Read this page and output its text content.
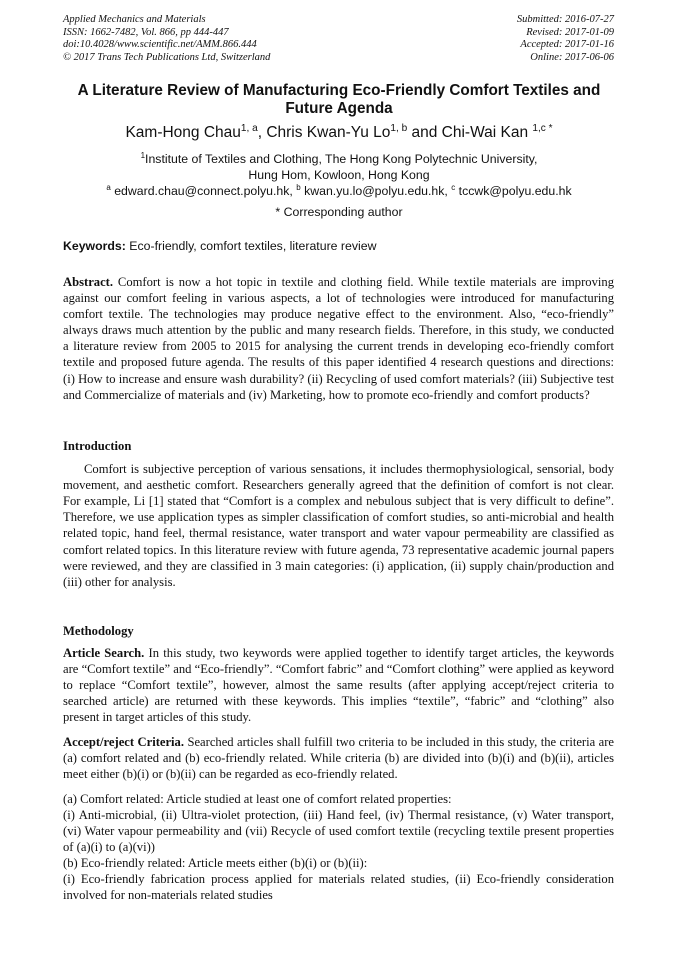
Applied Mechanics and Materials
ISSN: 1662-7482, Vol. 866, pp 444-447
doi:10.4028/www.scientific.net/AMM.866.444
© 2017 Trans Tech Publications Ltd, Switzerland
Submitted: 2016-07-27
Revised: 2017-01-09
Accepted: 2017-01-16
Online: 2017-06-06
A Literature Review of Manufacturing Eco-Friendly Comfort Textiles and Future Agenda
Kam-Hong Chau$^{1, a}$, Chris Kwan-Yu Lo$^{1, b}$ and Chi-Wai Kan $^{1,c *}$
$^1$Institute of Textiles and Clothing, The Hong Kong Polytechnic University,
Hung Hom, Kowloon, Hong Kong
$^a$ edward.chau@connect.polyu.hk, $^b$ kwan.yu.lo@polyu.edu.hk, $^c$ tccwk@polyu.edu.hk
* Corresponding author
Keywords: Eco-friendly, comfort textiles, literature review

Abstract. Comfort is now a hot topic in textile and clothing field. While textile materials are improving against our comfort feeling in various aspects, a lot of technologies were introduced for manufacturing comfort textile. The technologies may produce negative effect to the environment. Also, “eco-friendly” always draws much attention by the public and many research fields. Therefore, in this study, we conducted a literature review from 2005 to 2015 for analysing the current trends in developing eco-friendly comfort textile and proposed future agenda. The results of this paper identified 4 research questions and directions: (i) How to increase and ensure wash durability? (ii) Recycling of used comfort materials? (iii) Subjective test and Commercialize of materials and (iv) Marketing, how to promote eco-friendly and comfort products?

Introduction

Comfort is subjective perception of various sensations, it includes thermophysiological, sensorial, body movement, and aesthetic comfort. Researchers generally agreed that the definition of comfort is not clear. For example, Li [1] stated that “Comfort is a complex and nebulous subject that is very difficult to define”. Therefore, we use application types as simpler classification of comfort studies, so anti-microbial and health related topic, hand feel, thermal resistance, water transport and water vapour permeability are classified as comfort related topics. In this literature review with future agenda, 73 representative academic journal papers were reviewed, and they are classified in 3 main categories: (i) application, (ii) supply chain/production and (iii) other for analysis.

Methodology

Article Search. In this study, two keywords were applied together to identify target articles, the keywords are “Comfort textile” and “Eco-friendly”. “Comfort fabric” and “Comfort clothing” were applied as keyword to replace “Comfort textile”, however, almost the same results (after applying accept/reject criteria to searched article) are returned with these keywords. This implies “textile”, “fabric” and “clothing” also present in target articles of this study.

Accept/reject Criteria. Searched articles shall fulfill two criteria to be included in this study, the criteria are (a) comfort related and (b) eco-friendly related. While criteria (b) are divided into (b)(i) and (b)(ii), articles meet either (b)(i) or (b)(ii) can be regarded as eco-friendly related.

(a) Comfort related: Article studied at least one of comfort related properties:

(i) Anti-microbial, (ii) Ultra-violet protection, (iii) Hand feel, (iv) Thermal resistance, (v) Water transport, (vi) Water vapour permeability and (vii) Recycle of used comfort textile (recycling textile present properties of (a)(i) to (a)(vi))

(b) Eco-friendly related: Article meets either (b)(i) or (b)(ii):

(i) Eco-friendly fabrication process applied for materials related studies, (ii) Eco-friendly consideration involved for non-materials related studies
